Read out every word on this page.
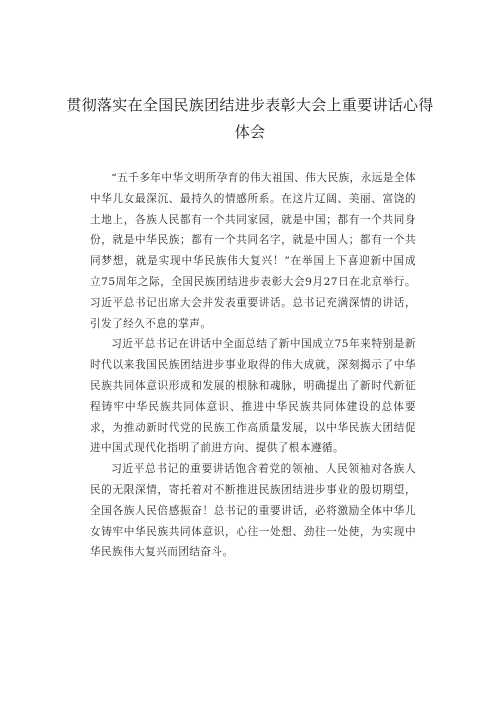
贯彻落实在全国民族团结进步表彰大会上重要讲话心得
体会

“五千多年中华文明所孕育的伟大祖国、伟大民族，永远是全体中华儿女最深沉、最持久的情感所系。在这片辽阔、美丽、富饶的土地上，各族人民都有一个共同家园，就是中国；都有一个共同身份，就是中华民族；都有一个共同名字，就是中国人；都有一个共同梦想，就是实现中华民族伟大复兴！”在举国上下喜迎新中国成立75周年之际，全国民族团结进步表彰大会9月27日在北京举行。习近平总书记出席大会并发表重要讲话。总书记充满深情的讲话，引发了经久不息的掌声。

习近平总书记在讲话中全面总结了新中国成立75年来特别是新时代以来我国民族团结进步事业取得的伟大成就，深刻揭示了中华民族共同体意识形成和发展的根脉和魂脉，明确提出了新时代新征程铸牢中华民族共同体意识、推进中华民族共同体建设的总体要求，为推动新时代党的民族工作高质量发展，以中华民族大团结促进中国式现代化指明了前进方向、提供了根本遵循。

习近平总书记的重要讲话饱含着党的领袖、人民领袖对各族人民的无限深情，寄托着对不断推进民族团结进步事业的殷切期望，全国各族人民倍感振奋！总书记的重要讲话，必将激励全体中华儿女铸牢中华民族共同体意识，心往一处想、劲往一处使，为实现中华民族伟大复兴而团结奋斗。
